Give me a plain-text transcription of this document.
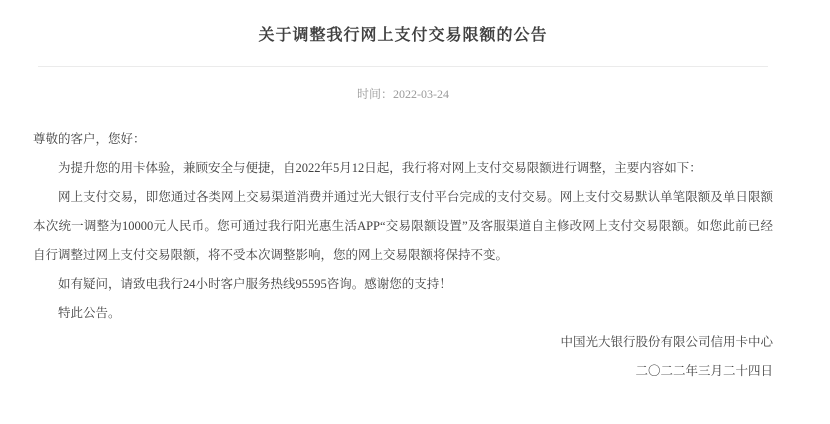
关于调整我行网上支付交易限额的公告
时间：2022-03-24

尊敬的客户，您好：

为提升您的用卡体验，兼顾安全与便捷，自2022年5月12日起，我行将对网上支付交易限额进行调整，主要内容如下：

网上支付交易，即您通过各类网上交易渠道消费并通过光大银行支付平台完成的支付交易。网上支付交易默认单笔限额及单日限额本次统一调整为10000元人民币。您可通过我行阳光惠生活APP“交易限额设置”及客服渠道自主修改网上支付交易限额。如您此前已经自行调整过网上支付交易限额，将不受本次调整影响，您的网上交易限额将保持不变。

如有疑问，请致电我行24小时客户服务热线95595咨询。感谢您的支持！

特此公告。

中国光大银行股份有限公司信用卡中心

二〇二二年三月二十四日
